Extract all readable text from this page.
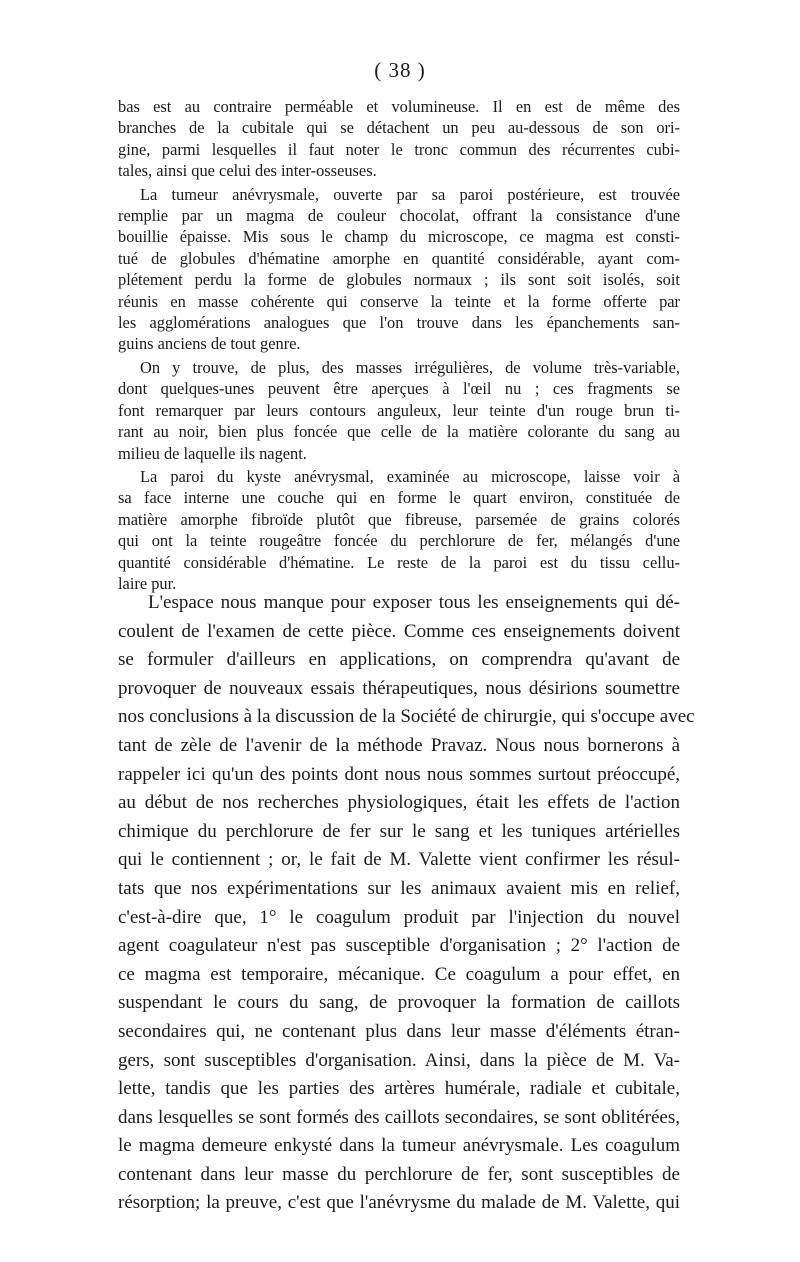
( 38 )

bas est au contraire perméable et volumineuse. Il en est de même des
branches de la cubitale qui se détachent un peu au-dessous de son ori-
gine, parmi lesquelles il faut noter le tronc commun des récurrentes cubi-
tales, ainsi que celui des inter-osseuses.

La tumeur anévrysmale, ouverte par sa paroi postérieure, est trouvée
remplie par un magma de couleur chocolat, offrant la consistance d'une
bouillie épaisse. Mis sous le champ du microscope, ce magma est consti-
tué de globules d'hématine amorphe en quantité considérable, ayant com-
plétement perdu la forme de globules normaux ; ils sont soit isolés, soit
réunis en masse cohérente qui conserve la teinte et la forme offerte par
les agglomérations analogues que l'on trouve dans les épanchements san-
guins anciens de tout genre.

On y trouve, de plus, des masses irrégulières, de volume très-variable,
dont quelques-unes peuvent être aperçues à l'œil nu ; ces fragments se
font remarquer par leurs contours anguleux, leur teinte d'un rouge brun ti-
rant au noir, bien plus foncée que celle de la matière colorante du sang au
milieu de laquelle ils nagent.

La paroi du kyste anévrysmal, examinée au microscope, laisse voir à
sa face interne une couche qui en forme le quart environ, constituée de
matière amorphe fibroïde plutôt que fibreuse, parsemée de grains colorés
qui ont la teinte rougeâtre foncée du perchlorure de fer, mélangés d'une
quantité considérable d'hématine. Le reste de la paroi est du tissu cellu-
laire pur.

L'espace nous manque pour exposer tous les enseignements qui dé-
coulent de l'examen de cette pièce. Comme ces enseignements doivent
se formuler d'ailleurs en applications, on comprendra qu'avant de
provoquer de nouveaux essais thérapeutiques, nous désirions soumettre
nos conclusions à la discussion de la Société de chirurgie, qui s'occupe avec
tant de zèle de l'avenir de la méthode Pravaz. Nous nous bornerons à
rappeler ici qu'un des points dont nous nous sommes surtout préoccupé,
au début de nos recherches physiologiques, était les effets de l'action
chimique du perchlorure de fer sur le sang et les tuniques artérielles
qui le contiennent ; or, le fait de M. Valette vient confirmer les résul-
tats que nos expérimentations sur les animaux avaient mis en relief,
c'est-à-dire que, 1° le coagulum produit par l'injection du nouvel
agent coagulateur n'est pas susceptible d'organisation ; 2° l'action de
ce magma est temporaire, mécanique. Ce coagulum a pour effet, en
suspendant le cours du sang, de provoquer la formation de caillots
secondaires qui, ne contenant plus dans leur masse d'éléments étran-
gers, sont susceptibles d'organisation. Ainsi, dans la pièce de M. Va-
lette, tandis que les parties des artères humérale, radiale et cubitale,
dans lesquelles se sont formés des caillots secondaires, se sont oblitérées,
le magma demeure enkysté dans la tumeur anévrysmale. Les coagulum
contenant dans leur masse du perchlorure de fer, sont susceptibles de
résorption; la preuve, c'est que l'anévrysme du malade de M. Valette, qui
